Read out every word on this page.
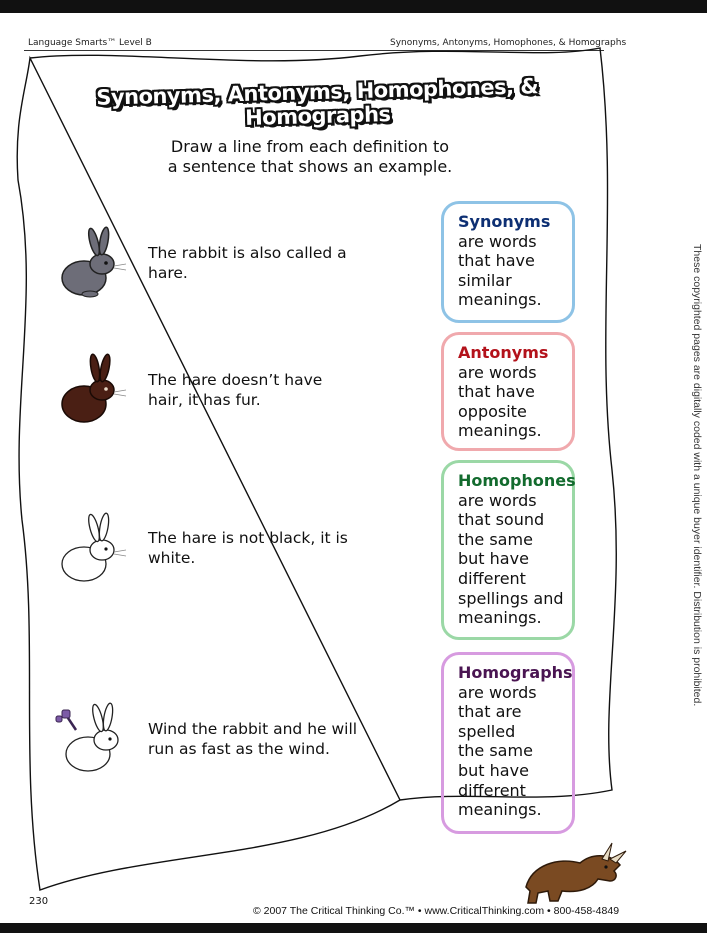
Language Smarts™ Level B	Synonyms, Antonyms, Homophones, & Homographs
Synonyms, Antonyms, Homophones, & Homographs
Draw a line from each definition to
a sentence that shows an example.
The rabbit is also called a
hare.
The hare doesn’t have
hair, it has fur.
The hare is not black, it is
white.
Wind the rabbit and he will
run as fast as the wind.
Synonyms
are words
that have
similar
meanings.
Antonyms
are words
that have
opposite
meanings.
Homophones
are words
that sound
the same
but have
different
spellings and
meanings.
Homographs
are words
that are
spelled
the same
but have
different
meanings.
These copyrighted pages are digitally coded with a unique buyer identifier. Distribution is prohibited.
230
© 2007 The Critical Thinking Co.™ • www.CriticalThinking.com • 800-458-4849
